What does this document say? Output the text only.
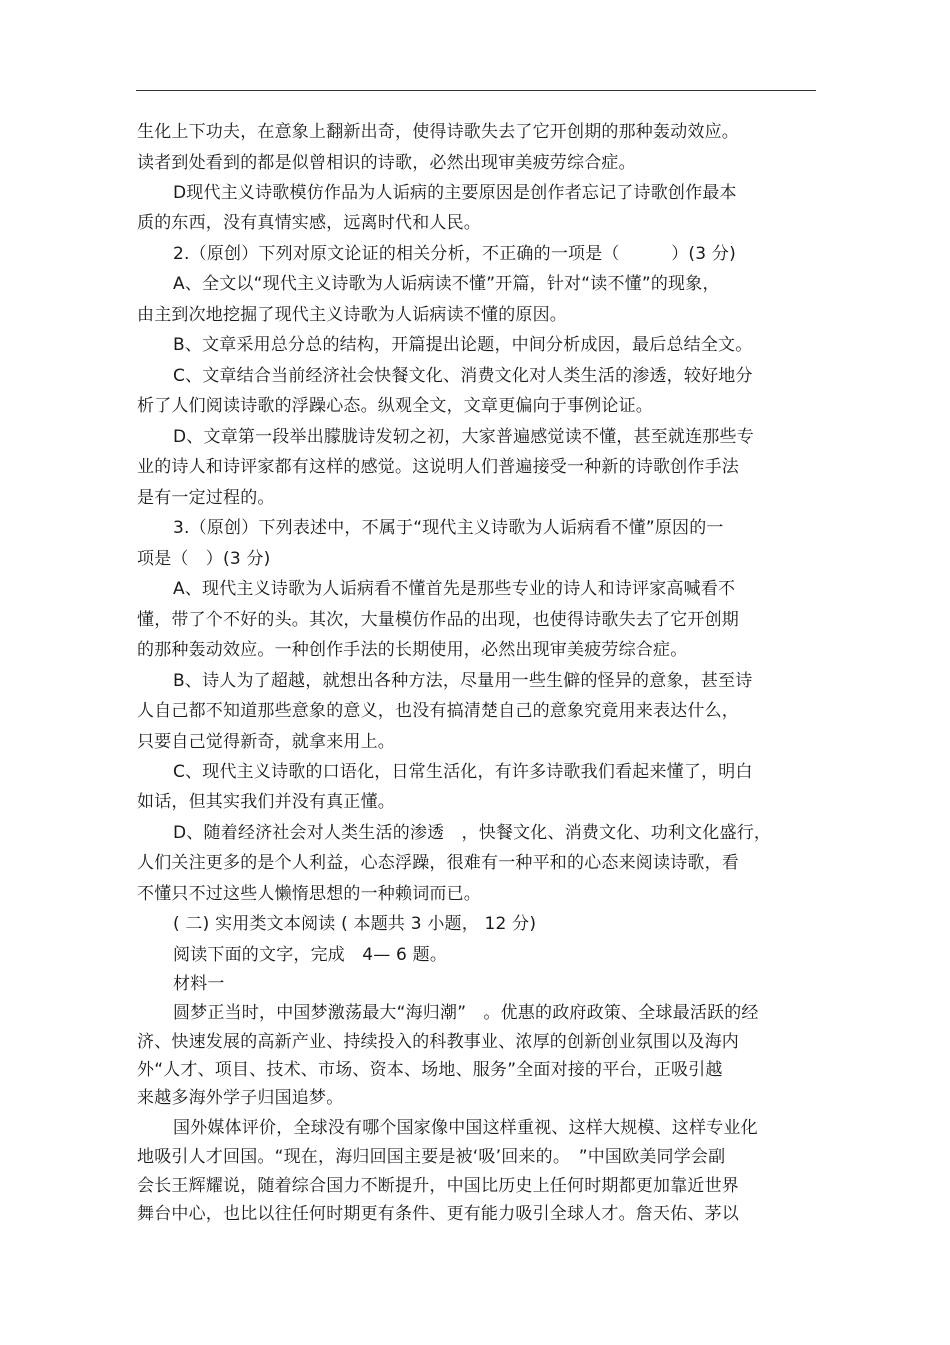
生化上下功夫，在意象上翻新出奇，使得诗歌失去了它开创期的那种轰动效应。
读者到处看到的都是似曾相识的诗歌，必然出现审美疲劳综合症。
D现代主义诗歌模仿作品为人诟病的主要原因是创作者忘记了诗歌创作最本
质的东西，没有真情实感，远离时代和人民。
2.（原创）下列对原文论证的相关分析，不正确的一项是（　　　）(3 分)
A、全文以“现代主义诗歌为人诟病读不懂”开篇，针对“读不懂”的现象，
由主到次地挖掘了现代主义诗歌为人诟病读不懂的原因。
B、文章采用总分总的结构，开篇提出论题，中间分析成因，最后总结全文。
C、文章结合当前经济社会快餐文化、消费文化对人类生活的渗透，较好地分
析了人们阅读诗歌的浮躁心态。纵观全文，文章更偏向于事例论证。
D、文章第一段举出朦胧诗发轫之初，大家普遍感觉读不懂，甚至就连那些专
业的诗人和诗评家都有这样的感觉。这说明人们普遍接受一种新的诗歌创作手法
是有一定过程的。
3.（原创）下列表述中，不属于“现代主义诗歌为人诟病看不懂”原因的一
项是（　）(3 分)
A、现代主义诗歌为人诟病看不懂首先是那些专业的诗人和诗评家高喊看不
懂，带了个不好的头。其次，大量模仿作品的出现，也使得诗歌失去了它开创期
的那种轰动效应。一种创作手法的长期使用，必然出现审美疲劳综合症。
B、诗人为了超越，就想出各种方法，尽量用一些生僻的怪异的意象，甚至诗
人自己都不知道那些意象的意义，也没有搞清楚自己的意象究竟用来表达什么，
只要自己觉得新奇，就拿来用上。
C、现代主义诗歌的口语化，日常生活化，有许多诗歌我们看起来懂了，明白
如话，但其实我们并没有真正懂。
D、随着经济社会对人类生活的渗透　，快餐文化、消费文化、功利文化盛行，
人们关注更多的是个人利益，心态浮躁，很难有一种平和的心态来阅读诗歌，看
不懂只不过这些人懒惰思想的一种赖词而已。
( 二) 实用类文本阅读 ( 本题共 3 小题， 12 分)
阅读下面的文字，完成　4— 6 题。
材料一
圆梦正当时，中国梦激荡最大“海归潮”　。优惠的政府政策、全球最活跃的经
济、快速发展的高新产业、持续投入的科教事业、浓厚的创新创业氛围以及海内
外“人才、项目、技术、市场、资本、场地、服务”全面对接的平台，正吸引越
来越多海外学子归国追梦。
国外媒体评价，全球没有哪个国家像中国这样重视、这样大规模、这样专业化
地吸引人才回国。“现在，海归回国主要是被‘吸’回来的。　”中国欧美同学会副
会长王辉耀说，随着综合国力不断提升，中国比历史上任何时期都更加靠近世界
舞台中心，也比以往任何时期更有条件、更有能力吸引全球人才。詹天佑、茅以
